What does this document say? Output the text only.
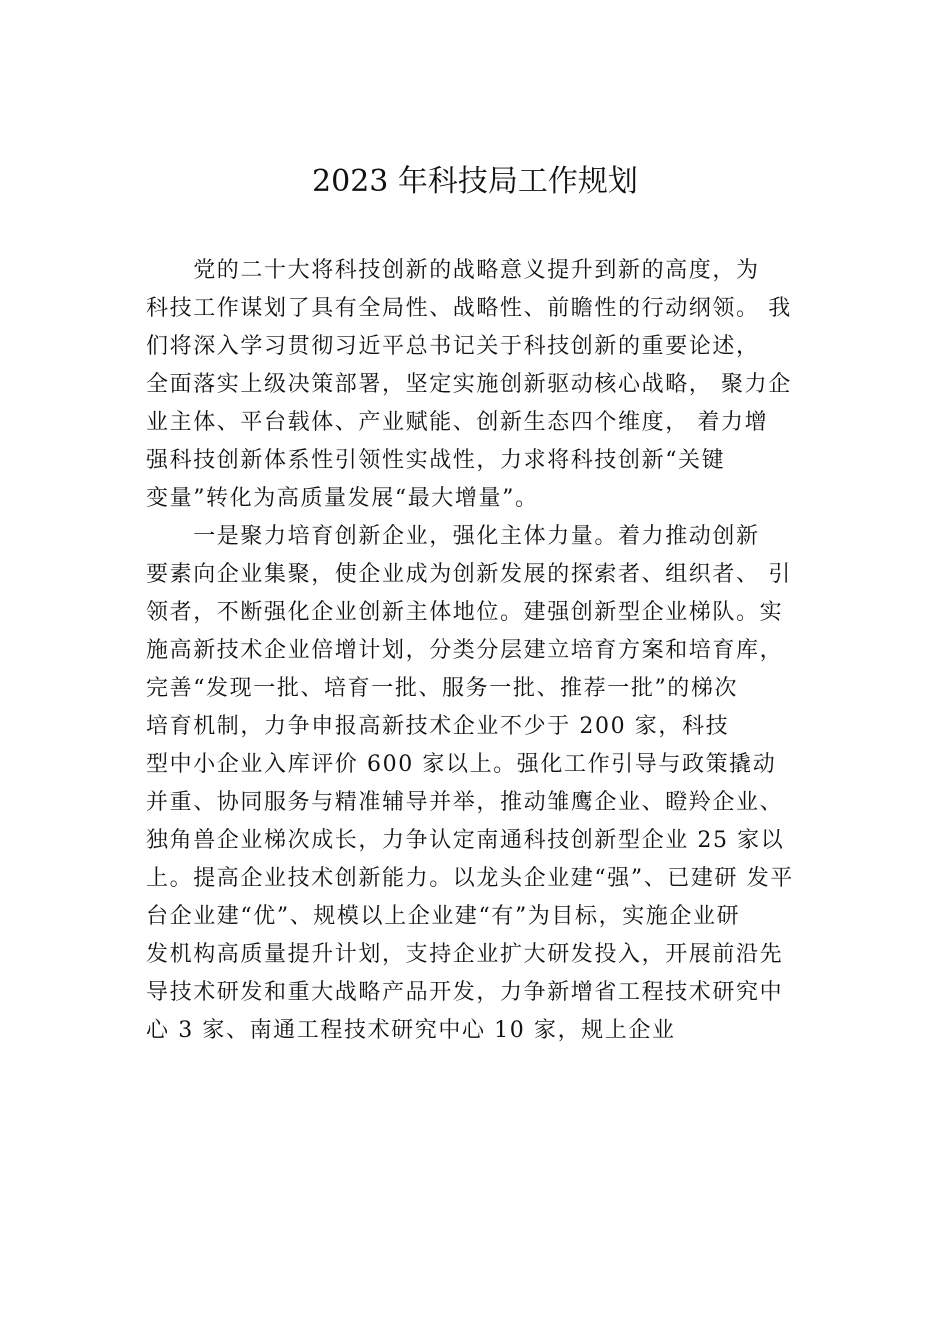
2023 年科技局工作规划
　　党的二十大将科技创新的战略意义提升到新的高度，为
科技工作谋划了具有全局性、战略性、前瞻性的行动纲领。 我
们将深入学习贯彻习近平总书记关于科技创新的重要论述，
全面落实上级决策部署，坚定实施创新驱动核心战略， 聚力企
业主体、平台载体、产业赋能、创新生态四个维度， 着力增
强科技创新体系性引领性实战性，力求将科技创新“关键
变量”转化为高质量发展“最大增量”。
　　一是聚力培育创新企业，强化主体力量。着力推动创新
要素向企业集聚，使企业成为创新发展的探索者、组织者、 引
领者，不断强化企业创新主体地位。建强创新型企业梯队。实
施高新技术企业倍增计划，分类分层建立培育方案和培育库，
完善“发现一批、培育一批、服务一批、推荐一批”的梯次
培育机制，力争申报高新技术企业不少于 200 家，科技
型中小企业入库评价 600 家以上。强化工作引导与政策撬动
并重、协同服务与精准辅导并举，推动雏鹰企业、瞪羚企业、
独角兽企业梯次成长，力争认定南通科技创新型企业 25 家以
上。提高企业技术创新能力。以龙头企业建“强”、已建研 发平
台企业建“优”、规模以上企业建“有”为目标，实施企业研
发机构高质量提升计划，支持企业扩大研发投入，开展前沿先
导技术研发和重大战略产品开发，力争新增省工程技术研究中
心 3 家、南通工程技术研究中心 10 家，规上企业
